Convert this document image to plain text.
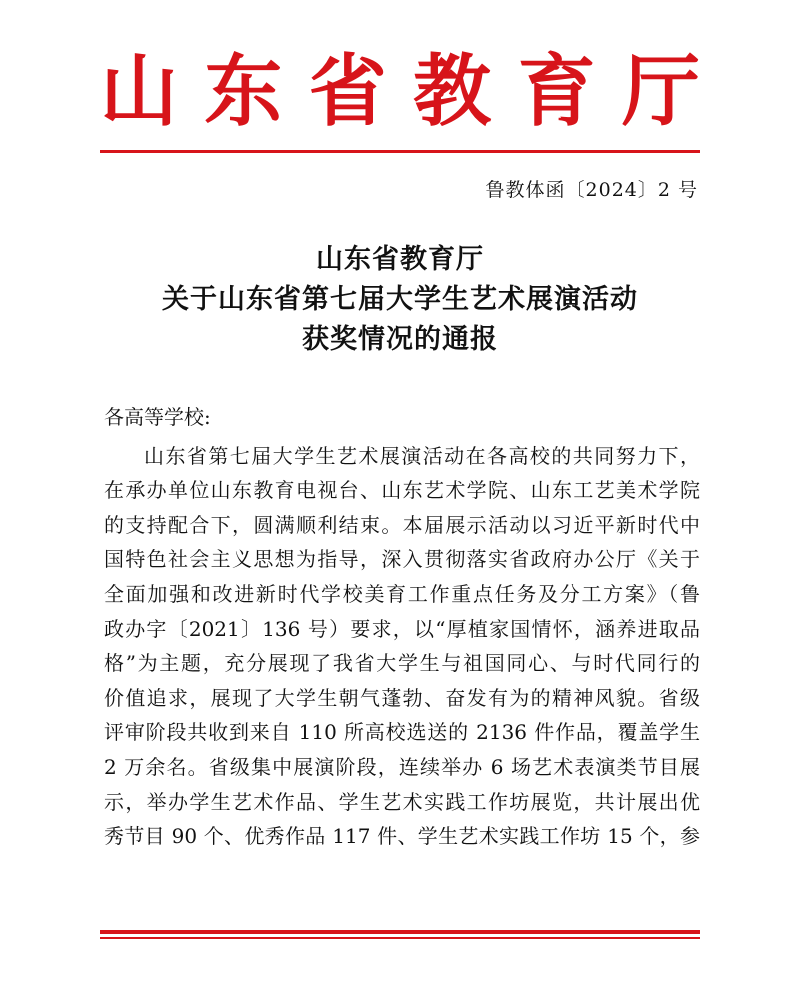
山 东 省 教 育 厅
鲁教体函〔2024〕2 号
山东省教育厅
关于山东省第七届大学生艺术展演活动
获奖情况的通报
各高等学校:
山东省第七届大学生艺术展演活动在各高校的共同努力下，
在承办单位山东教育电视台、山东艺术学院、山东工艺美术学院
的支持配合下，圆满顺利结束。本届展示活动以习近平新时代中
国特色社会主义思想为指导，深入贯彻落实省政府办公厅《关于
全面加强和改进新时代学校美育工作重点任务及分工方案》（鲁
政办字〔2021〕136 号）要求，以“厚植家国情怀，涵养进取品
格”为主题，充分展现了我省大学生与祖国同心、与时代同行的
价值追求，展现了大学生朝气蓬勃、奋发有为的精神风貌。省级
评审阶段共收到来自 110 所高校选送的 2136 件作品，覆盖学生
2 万余名。省级集中展演阶段，连续举办 6 场艺术表演类节目展
示，举办学生艺术作品、学生艺术实践工作坊展览，共计展出优
秀节目 90 个、优秀作品 117 件、学生艺术实践工作坊 15 个，参
